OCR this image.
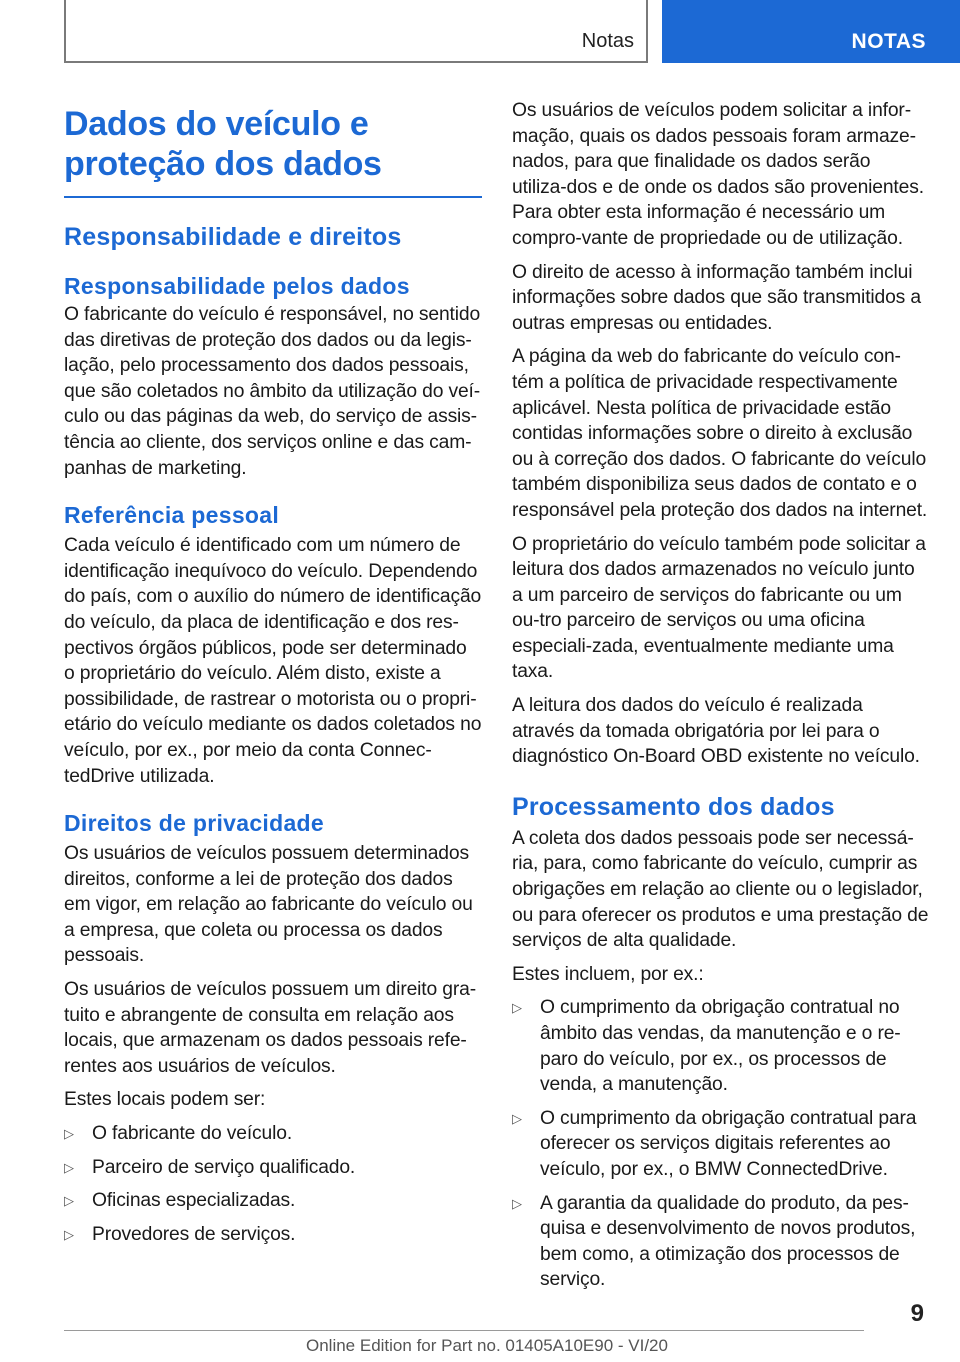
Notas	NOTAS
Dados do veículo e proteção dos dados
Responsabilidade e direitos
Responsabilidade pelos dados

O fabricante do veículo é responsável, no sentido das diretivas de proteção dos dados ou da legis-lação, pelo processamento dos dados pessoais, que são coletados no âmbito da utilização do veí-culo ou das páginas da web, do serviço de assis-tência ao cliente, dos serviços online e das cam-panhas de marketing.

Referência pessoal

Cada veículo é identificado com um número de identificação inequívoco do veículo. Dependendo do país, com o auxílio do número de identificação do veículo, da placa de identificação e dos res-pectivos órgãos públicos, pode ser determinado o proprietário do veículo. Além disto, existe a possibilidade, de rastrear o motorista ou o propri-etário do veículo mediante os dados coletados no veículo, por ex., por meio da conta Connec-tedDrive utilizada.

Direitos de privacidade

Os usuários de veículos possuem determinados direitos, conforme a lei de proteção dos dados em vigor, em relação ao fabricante do veículo ou a empresa, que coleta ou processa os dados pessoais.

Os usuários de veículos possuem um direito gra-tuito e abrangente de consulta em relação aos locais, que armazenam os dados pessoais refe-rentes aos usuários de veículos.

Estes locais podem ser:

▷ O fabricante do veículo.
▷ Parceiro de serviço qualificado.
▷ Oficinas especializadas.
▷ Provedores de serviços.

Os usuários de veículos podem solicitar a infor-mação, quais os dados pessoais foram armaze-nados, para que finalidade os dados serão utiliza-dos e de onde os dados são provenientes. Para obter esta informação é necessário um compro-vante de propriedade ou de utilização.

O direito de acesso à informação também inclui informações sobre dados que são transmitidos a outras empresas ou entidades.

A página da web do fabricante do veículo con-tém a política de privacidade respectivamente aplicável. Nesta política de privacidade estão contidas informações sobre o direito à exclusão ou à correção dos dados. O fabricante do veículo também disponibiliza seus dados de contato e o responsável pela proteção dos dados na internet.

O proprietário do veículo também pode solicitar a leitura dos dados armazenados no veículo junto a um parceiro de serviços do fabricante ou um ou-tro parceiro de serviços ou uma oficina especiali-zada, eventualmente mediante uma taxa.

A leitura dos dados do veículo é realizada através da tomada obrigatória por lei para o diagnóstico On-Board OBD existente no veículo.

Processamento dos dados

A coleta dos dados pessoais pode ser necessá-ria, para, como fabricante do veículo, cumprir as obrigações em relação ao cliente ou o legislador, ou para oferecer os produtos e uma prestação de serviços de alta qualidade.

Estes incluem, por ex.:

▷ O cumprimento da obrigação contratual no âmbito das vendas, da manutenção e o re-paro do veículo, por ex., os processos de venda, a manutenção.
▷ O cumprimento da obrigação contratual para oferecer os serviços digitais referentes ao veículo, por ex., o BMW ConnectedDrive.
▷ A garantia da qualidade do produto, da pes-quisa e desenvolvimento de novos produtos, bem como, a otimização dos processos de serviço.
9
Online Edition for Part no. 01405A10E90 - VI/20
